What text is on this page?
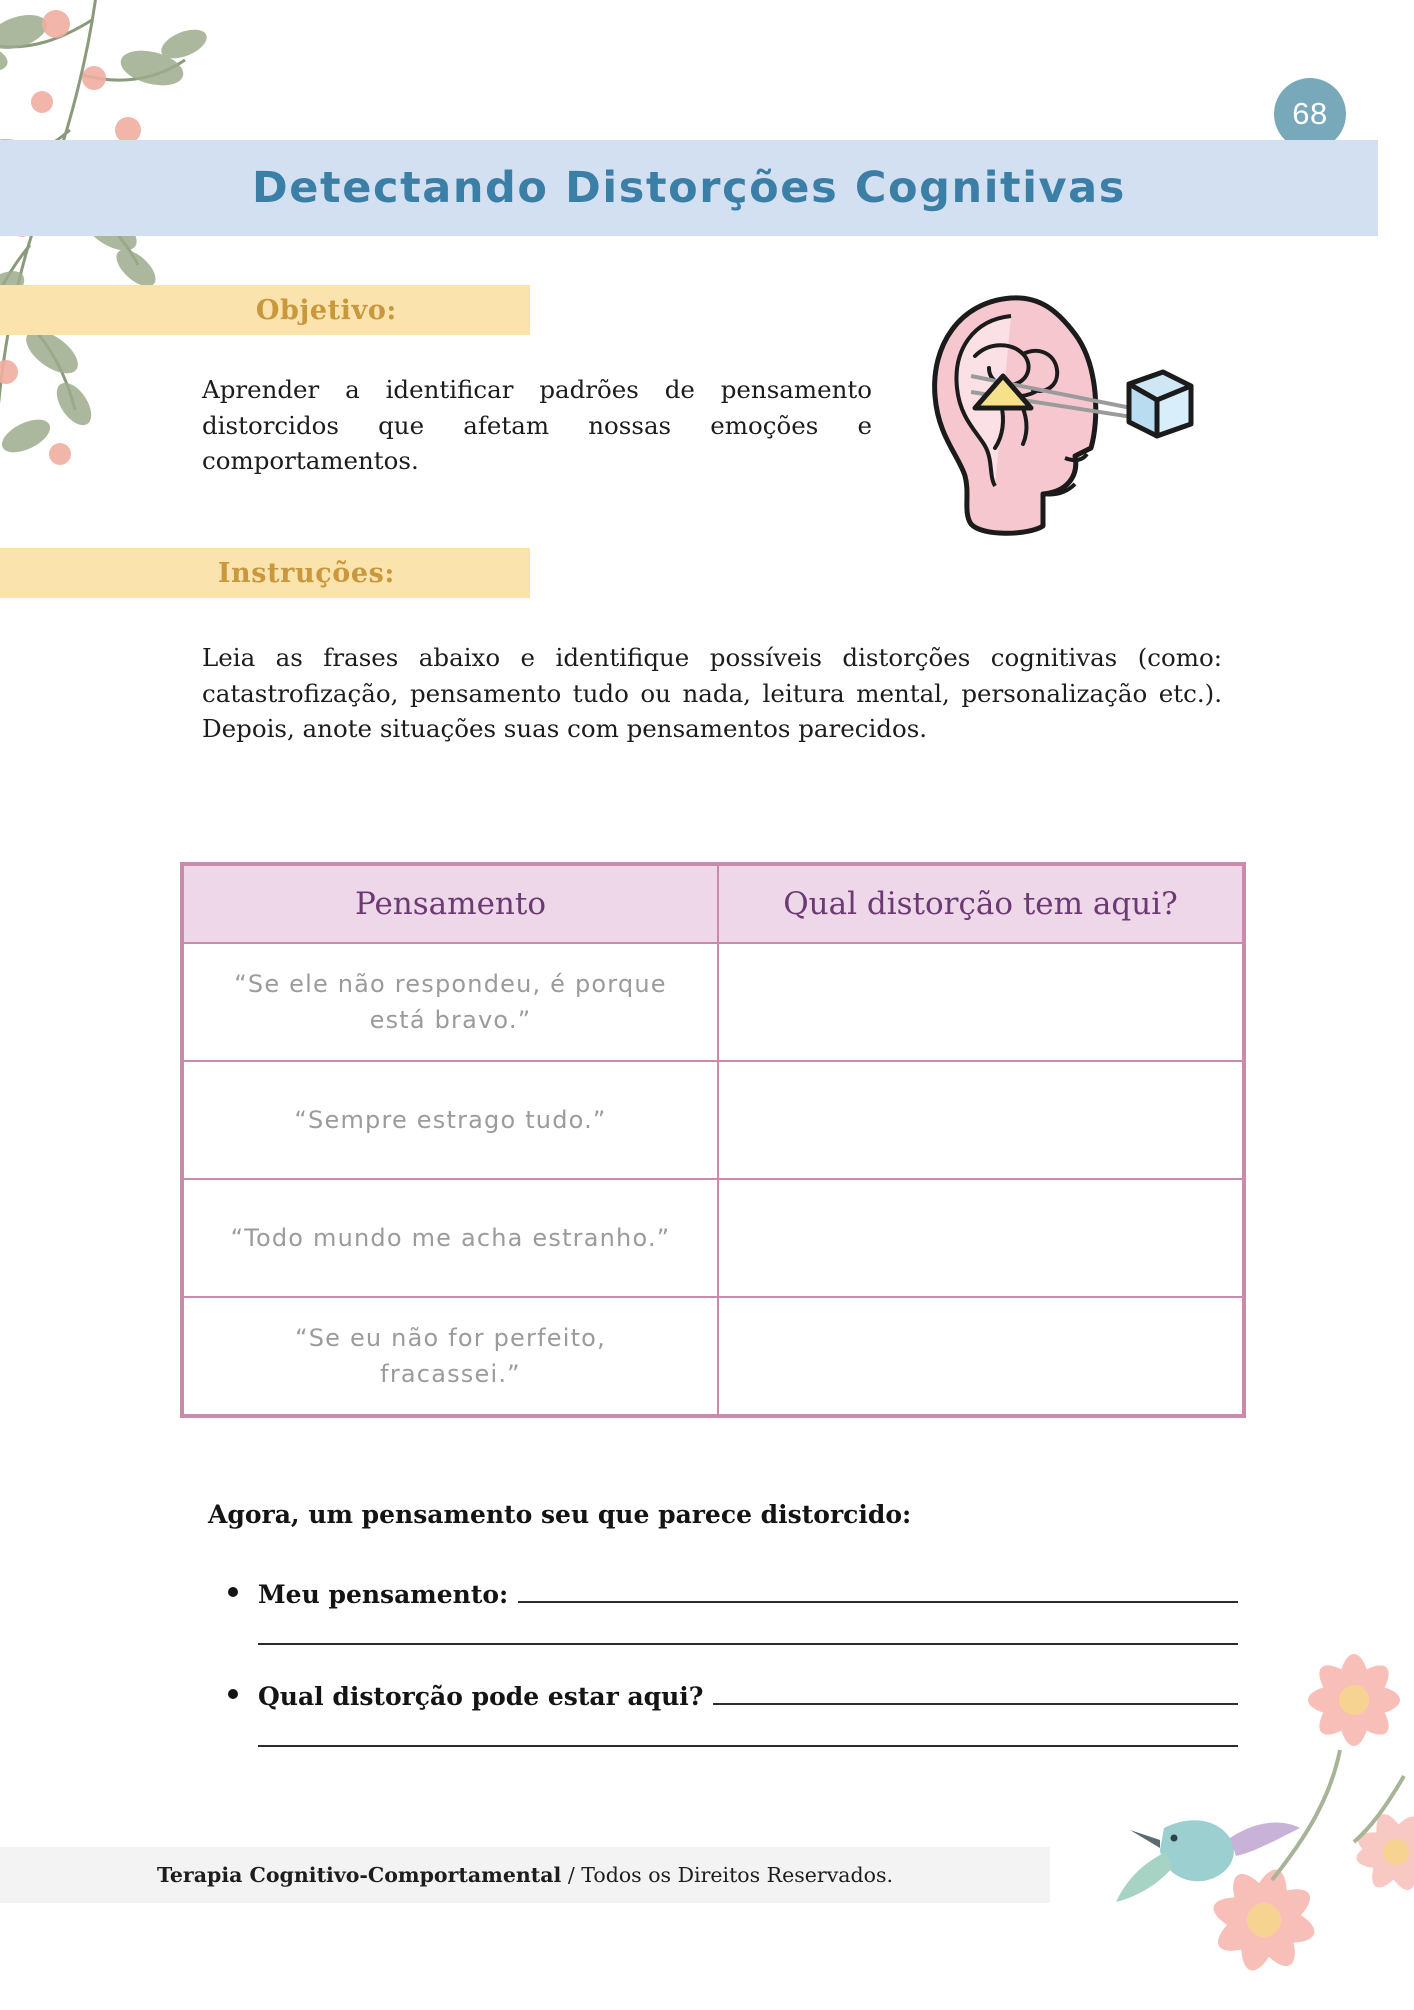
68
Detectando Distorções Cognitivas
Objetivo:
Aprender a identificar padrões de pensamento distorcidos que afetam nossas emoções e comportamentos.
Instruções:
Leia as frases abaixo e identifique possíveis distorções cognitivas (como: catastrofização, pensamento tudo ou nada, leitura mental, personalização etc.). Depois, anote situações suas com pensamentos parecidos.
Pensamento	Qual distorção tem aqui?
“Se ele não respondeu, é porque está bravo.”	
“Sempre estrago tudo.”	
“Todo mundo me acha estranho.”	
“Se eu não for perfeito, fracassei.”	
Agora, um pensamento seu que parece distorcido:
Meu pensamento:
Qual distorção pode estar aqui?
Terapia Cognitivo-Comportamental / Todos os Direitos Reservados.
